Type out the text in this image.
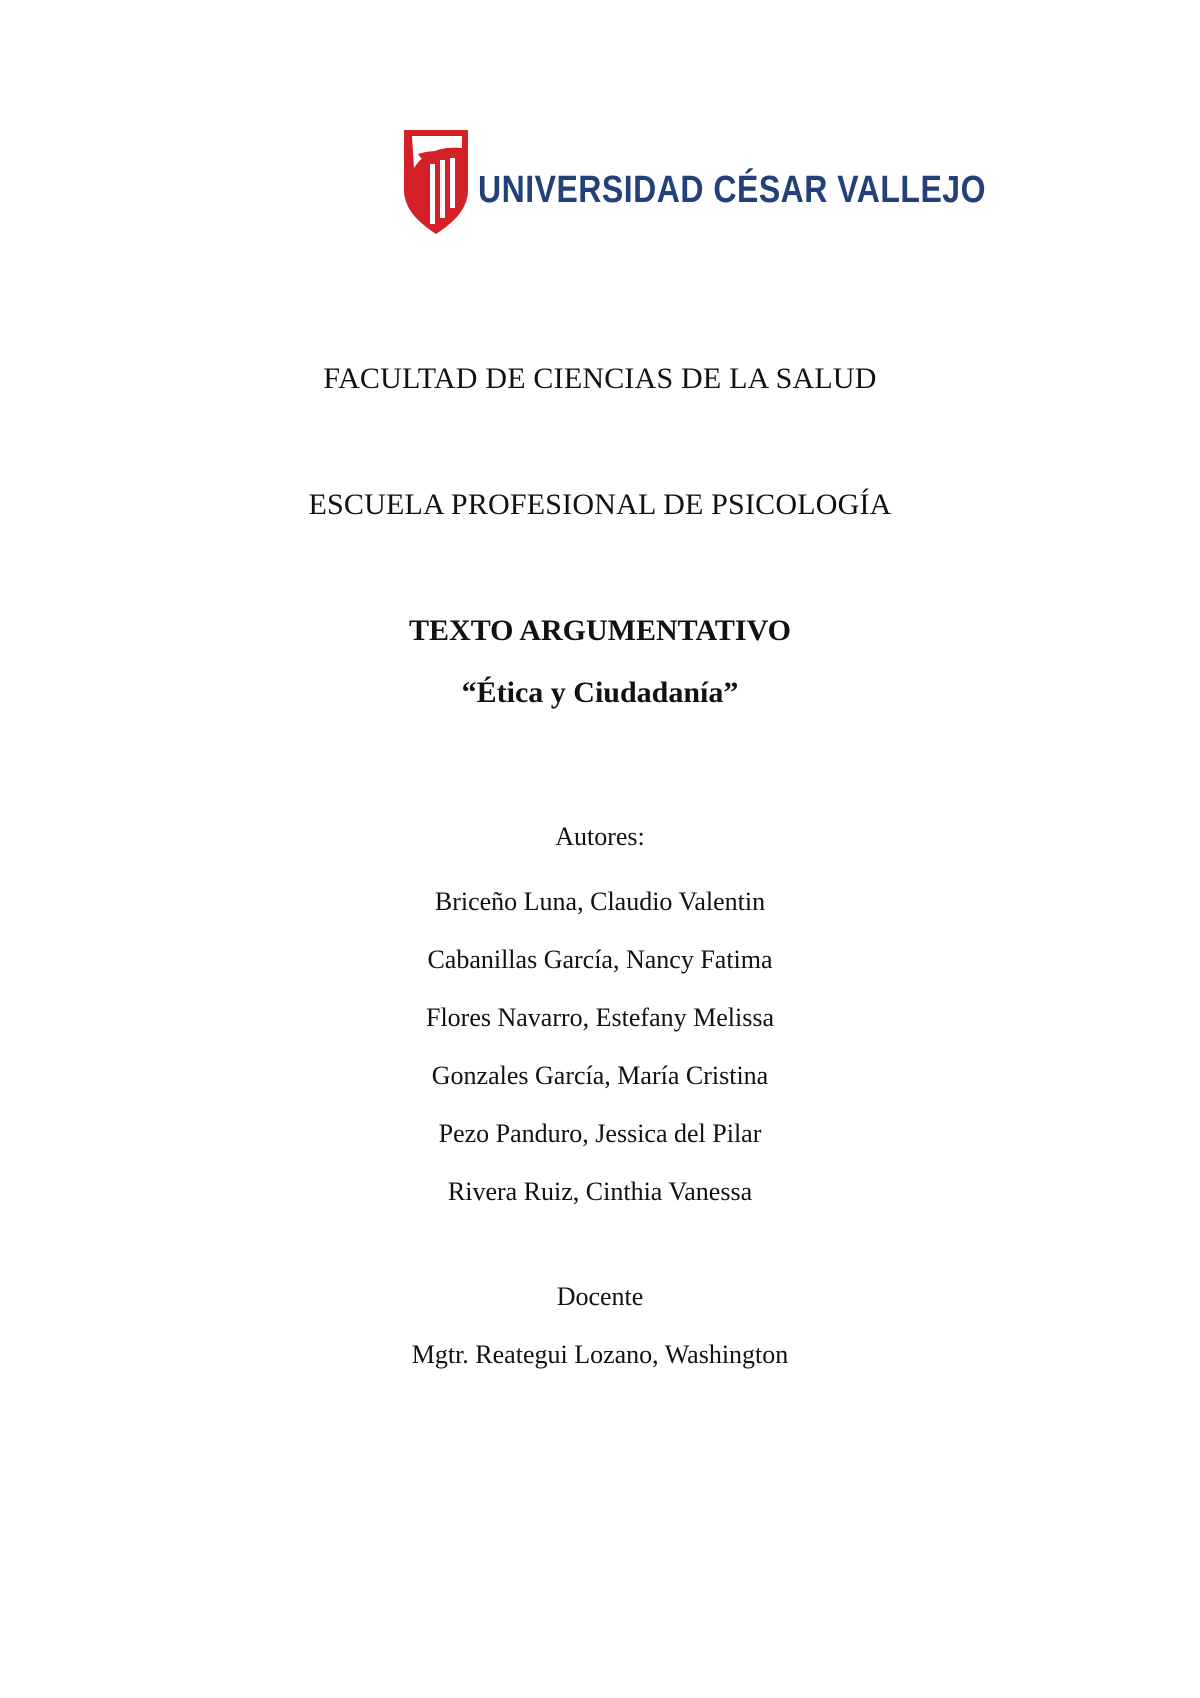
UNIVERSIDAD CÉSAR VALLEJO
FACULTAD DE CIENCIAS DE LA SALUD
ESCUELA PROFESIONAL DE PSICOLOGÍA
TEXTO ARGUMENTATIVO
“Ética y Ciudadanía”
Autores:
Briceño Luna, Claudio Valentin
Cabanillas García, Nancy Fatima
Flores Navarro, Estefany Melissa
Gonzales García, María Cristina
Pezo Panduro, Jessica del Pilar
Rivera Ruiz, Cinthia Vanessa
Docente
Mgtr. Reategui Lozano, Washington
